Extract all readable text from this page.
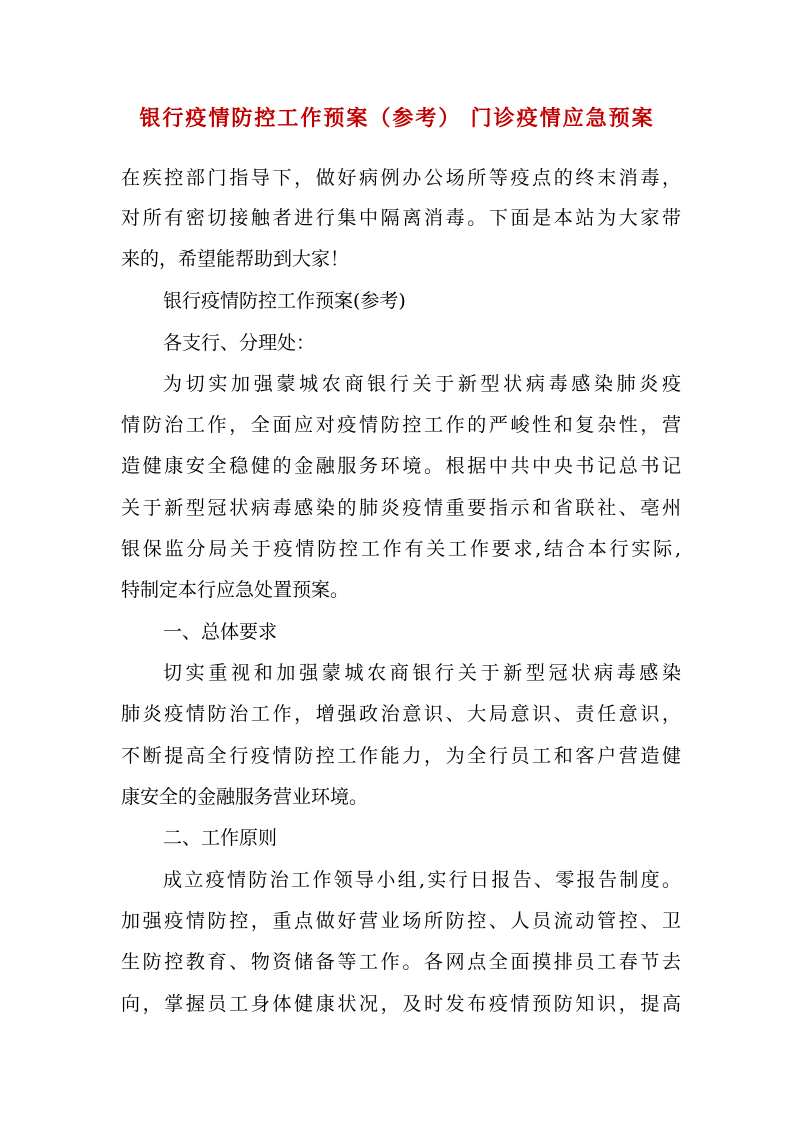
银行疫情防控工作预案（参考） 门诊疫情应急预案
在疾控部门指导下，做好病例办公场所等疫点的终末消毒，
对所有密切接触者进行集中隔离消毒。下面是本站为大家带
来的，希望能帮助到大家！
银行疫情防控工作预案(参考)
各支行、分理处：
为切实加强蒙城农商银行关于新型状病毒感染肺炎疫
情防治工作，全面应对疫情防控工作的严峻性和复杂性，营
造健康安全稳健的金融服务环境。根据中共中央书记总书记
关于新型冠状病毒感染的肺炎疫情重要指示和省联社、亳州
银保监分局关于疫情防控工作有关工作要求,结合本行实际,
特制定本行应急处置预案。
一、总体要求
切实重视和加强蒙城农商银行关于新型冠状病毒感染
肺炎疫情防治工作，增强政治意识、大局意识、责任意识，
不断提高全行疫情防控工作能力，为全行员工和客户营造健
康安全的金融服务营业环境。
二、工作原则
成立疫情防治工作领导小组,实行日报告、零报告制度。
加强疫情防控，重点做好营业场所防控、人员流动管控、卫
生防控教育、物资储备等工作。各网点全面摸排员工春节去
向，掌握员工身体健康状况，及时发布疫情预防知识，提高
